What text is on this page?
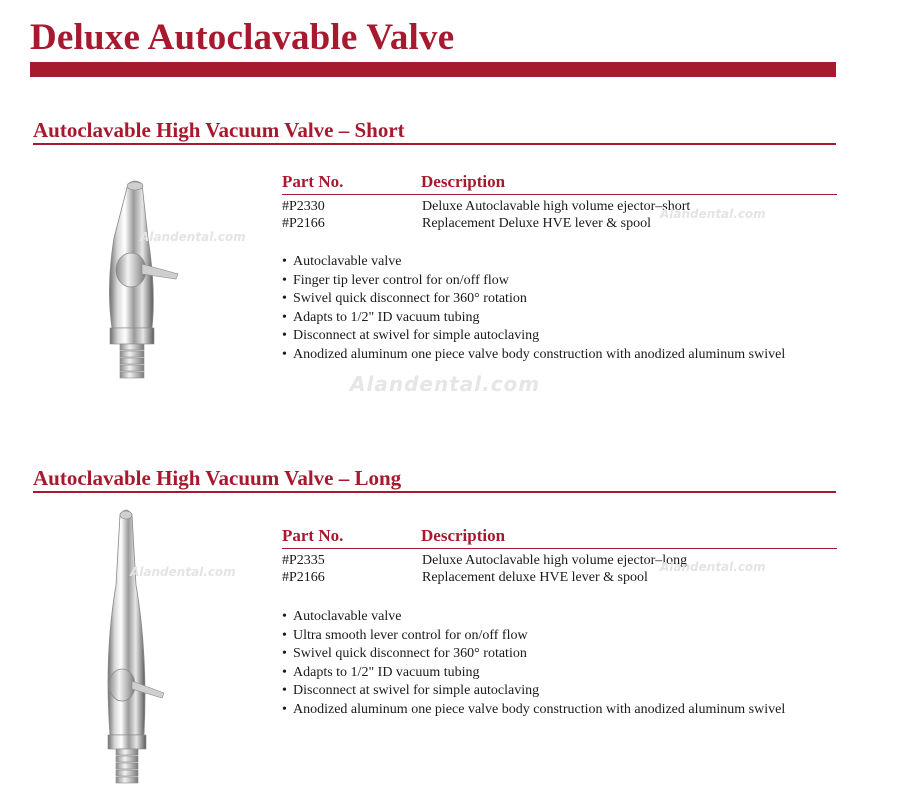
Deluxe Autoclavable Valve
Autoclavable High Vacuum Valve – Short
Alandental.com
Part No.	Description
#P2330	Deluxe Autoclavable high volume ejector–short
#P2166	Replacement Deluxe HVE lever & spool
Alandental.com
• Autoclavable valve
• Finger tip lever control for on/off flow
• Swivel quick disconnect for 360° rotation
• Adapts to 1/2" ID vacuum tubing
• Disconnect at swivel for simple autoclaving
• Anodized aluminum one piece valve body construction with anodized aluminum swivel
Alandental.com
Autoclavable High Vacuum Valve – Long
Alandental.com
Part No.	Description
#P2335	Deluxe Autoclavable high volume ejector–long
#P2166	Replacement deluxe HVE lever & spool
Alandental.com
• Autoclavable valve
• Ultra smooth lever control for on/off flow
• Swivel quick disconnect for 360° rotation
• Adapts to 1/2" ID vacuum tubing
• Disconnect at swivel for simple autoclaving
• Anodized aluminum one piece valve body construction with anodized aluminum swivel
